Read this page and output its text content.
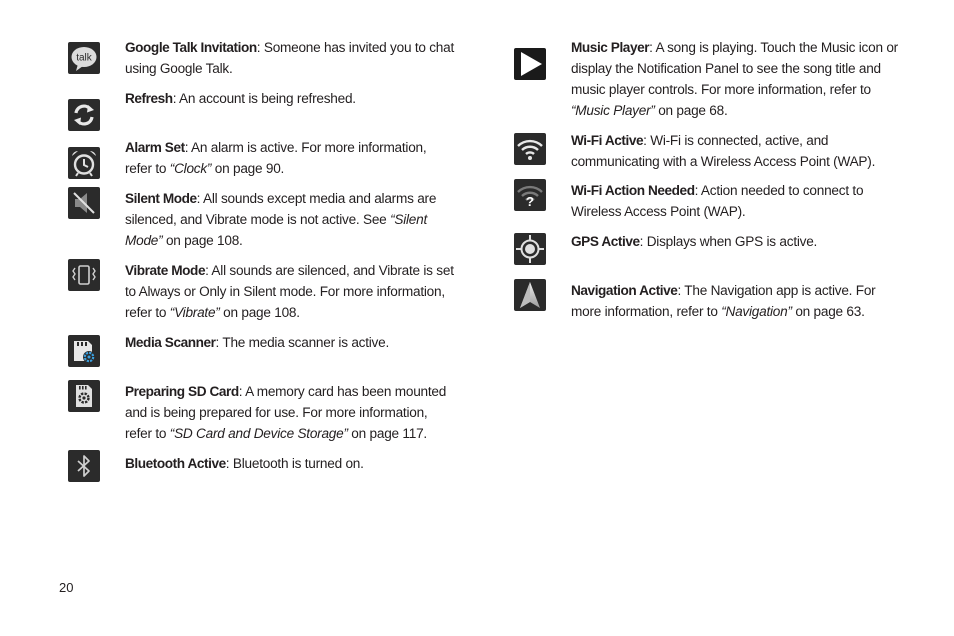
talk
Google Talk Invitation: Someone has invited you to chat using Google Talk.
Refresh: An account is being refreshed.
Alarm Set: An alarm is active. For more information, refer to “Clock” on page 90.
Silent Mode: All sounds except media and alarms are silenced, and Vibrate mode is not active. See “Silent Mode” on page 108.
Vibrate Mode: All sounds are silenced, and Vibrate is set to Always or Only in Silent mode. For more information, refer to “Vibrate” on page 108.
Media Scanner: The media scanner is active.
Preparing SD Card: A memory card has been mounted and is being prepared for use. For more information, refer to “SD Card and Device Storage” on page 117.
Bluetooth Active: Bluetooth is turned on.
Music Player: A song is playing. Touch the Music icon or display the Notification Panel to see the song title and music player controls. For more information, refer to “Music Player” on page 68.
Wi-Fi Active: Wi-Fi is connected, active, and communicating with a Wireless Access Point (WAP).
?
Wi-Fi Action Needed: Action needed to connect to Wireless Access Point (WAP).
GPS Active: Displays when GPS is active.
Navigation Active: The Navigation app is active. For more information, refer to “Navigation” on page 63.
20
